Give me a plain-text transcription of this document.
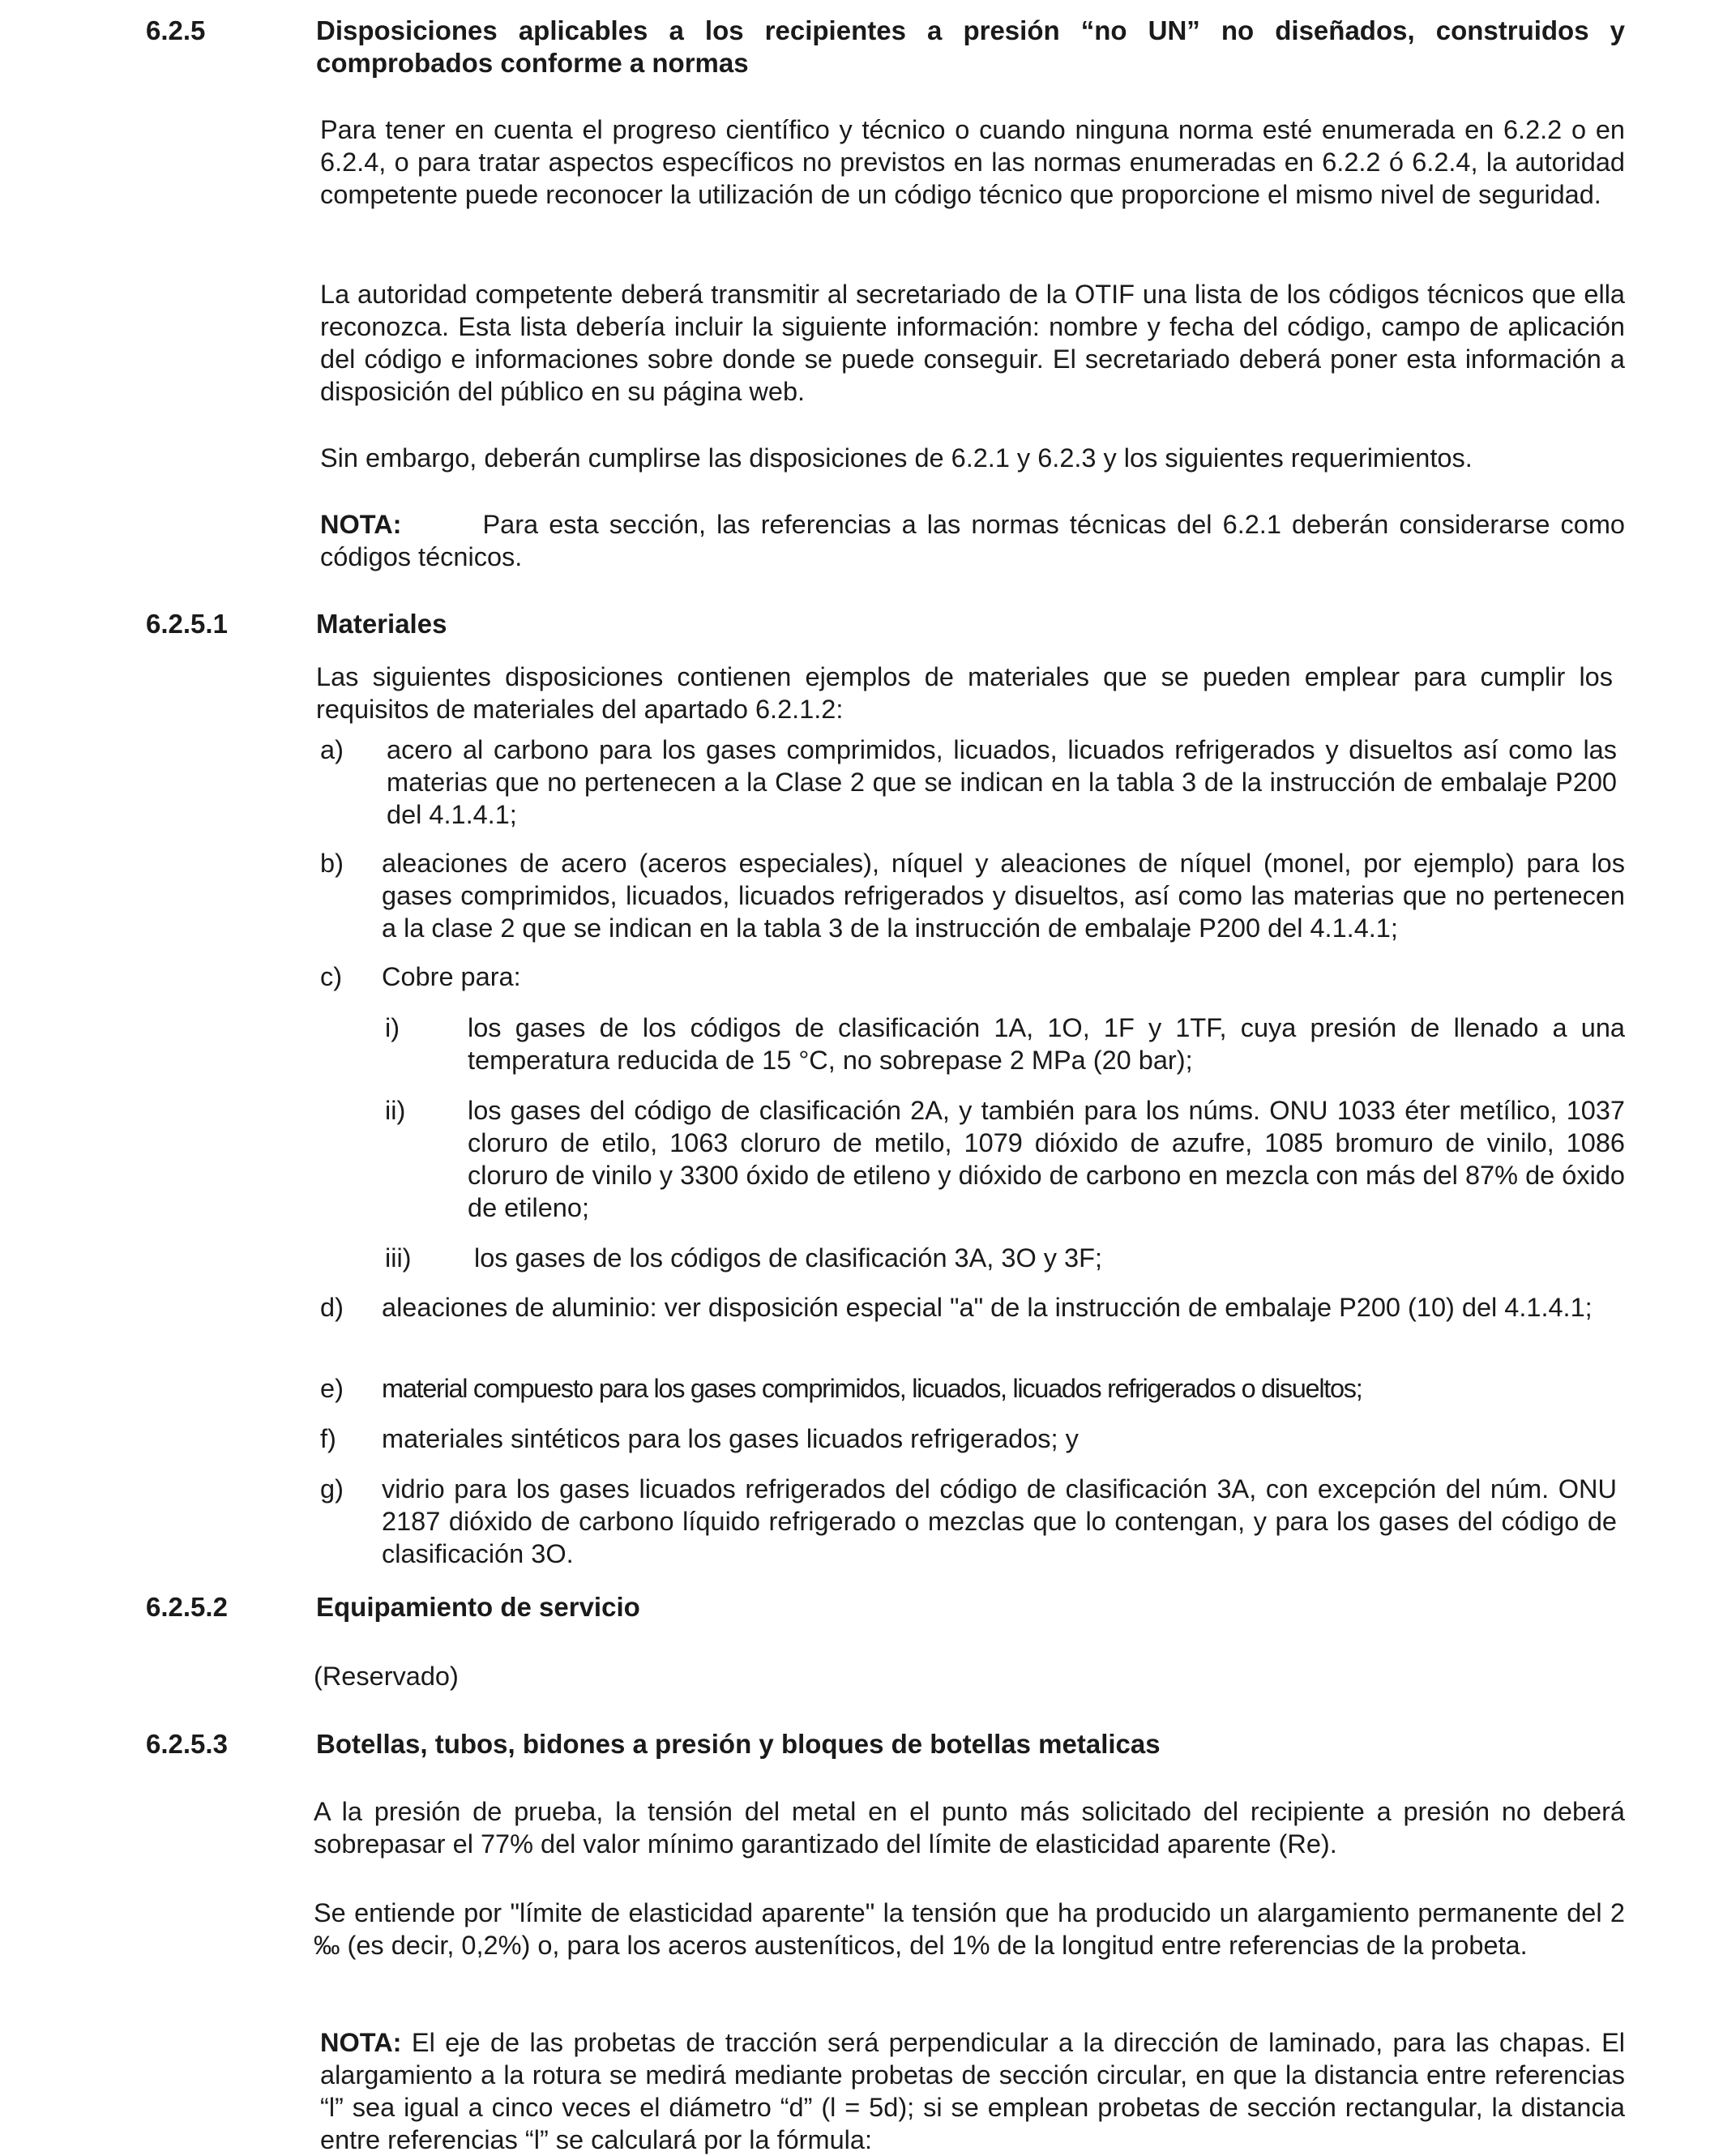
6.2.5	Disposiciones aplicables a los recipientes a presión “no UN” no diseñados, construidos y comprobados conforme a normas

Para tener en cuenta el progreso científico y técnico o cuando ninguna norma esté enumerada en 6.2.2 o en 6.2.4, o para tratar aspectos específicos no previstos en las normas enumeradas en 6.2.2 ó 6.2.4, la autoridad competente puede reconocer la utilización de un código técnico que proporcione el mismo nivel de seguridad.

La autoridad competente deberá transmitir al secretariado de la OTIF una lista de los códigos técnicos que ella reconozca. Esta lista debería incluir la siguiente información: nombre y fecha del código, campo de aplicación del código e informaciones sobre donde se puede conseguir. El secretariado deberá poner esta información a disposición del público en su página web.

Sin embargo, deberán cumplirse las disposiciones de 6.2.1 y 6.2.3 y los siguientes requerimientos.

NOTA:	Para esta sección, las referencias a las normas técnicas del 6.2.1 deberán considerarse como códigos técnicos.

6.2.5.1	Materiales

Las siguientes disposiciones contienen ejemplos de materiales que se pueden emplear para cumplir los requisitos de materiales del apartado 6.2.1.2:

a) acero al carbono para los gases comprimidos, licuados, licuados refrigerados y disueltos así como las materias que no pertenecen a la Clase 2 que se indican en la tabla 3 de la instrucción de embalaje P200 del 4.1.4.1;

b) aleaciones de acero (aceros especiales), níquel y aleaciones de níquel (monel, por ejemplo) para los gases comprimidos, licuados, licuados refrigerados y disueltos, así como las materias que no pertenecen a la clase 2 que se indican en la tabla 3 de la instrucción de embalaje P200 del 4.1.4.1;

c) Cobre para:

i)	los gases de los códigos de clasificación 1A, 1O, 1F y 1TF, cuya presión de llenado a una temperatura reducida de 15 °C, no sobrepase 2 MPa (20 bar);

ii) los gases del código de clasificación 2A, y también para los núms. ONU 1033 éter metílico, 1037 cloruro de etilo, 1063 cloruro de metilo, 1079 dióxido de azufre, 1085 bromuro de vinilo, 1086 cloruro de vinilo y 3300 óxido de etileno y dióxido de carbono en mezcla con más del 87% de óxido de etileno;

iii) los gases de los códigos de clasificación 3A, 3O y 3F;

d) aleaciones de aluminio: ver disposición especial "a" de la instrucción de embalaje P200 (10) del 4.1.4.1;

e) material compuesto para los gases comprimidos, licuados, licuados refrigerados o disueltos;

f) materiales sintéticos para los gases licuados refrigerados; y

g) vidrio para los gases licuados refrigerados del código de clasificación 3A, con excepción del núm. ONU 2187 dióxido de carbono líquido refrigerado o mezclas que lo contengan, y para los gases del código de clasificación 3O.

6.2.5.2	Equipamiento de servicio

(Reservado)

6.2.5.3	Botellas, tubos, bidones a presión y bloques de botellas metalicas

A la presión de prueba, la tensión del metal en el punto más solicitado del recipiente a presión no deberá sobrepasar el 77% del valor mínimo garantizado del límite de elasticidad aparente (Re).

Se entiende por "límite de elasticidad aparente" la tensión que ha producido un alargamiento permanente del 2 ‰ (es decir, 0,2%) o, para los aceros austeníticos, del 1% de la longitud entre referencias de la probeta.

NOTA: El eje de las probetas de tracción será perpendicular a la dirección de laminado, para las chapas. El alargamiento a la rotura se medirá mediante probetas de sección circular, en que la distancia entre referencias “l” sea igual a cinco veces el diámetro “d” (l = 5d); si se emplean probetas de sección rectangular, la distancia entre referencias “l” se calculará por la fórmula:
